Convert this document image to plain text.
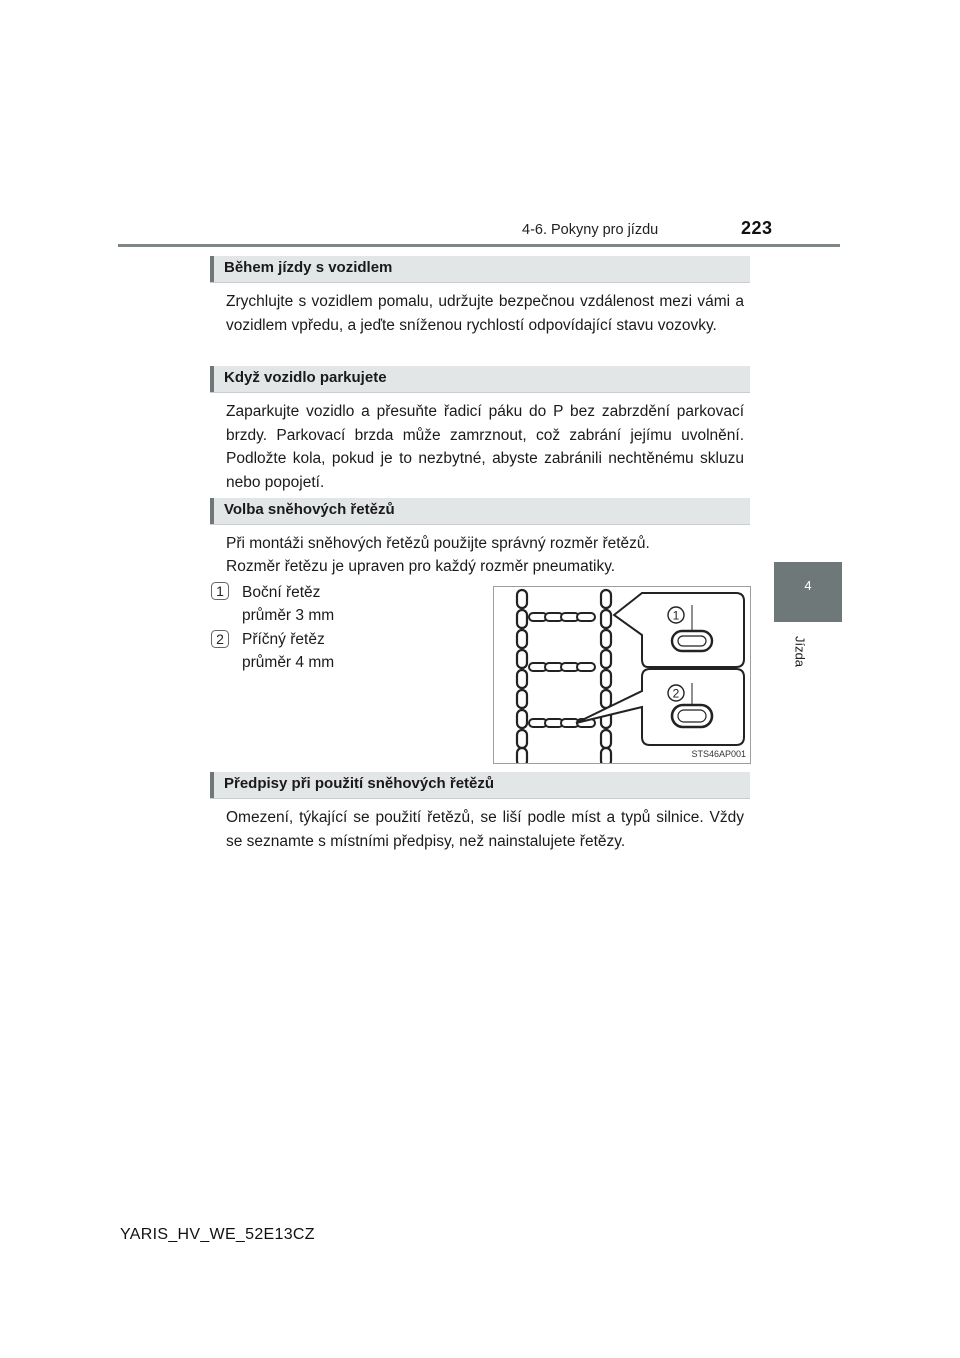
4-6. Pokyny pro jízdu	223
4
Jízda
Během jízdy s vozidlem

Zrychlujte s vozidlem pomalu, udržujte bezpečnou vzdálenost mezi vámi a vozidlem vpředu, a jeďte sníženou rychlostí odpovídající stavu vozovky.

Když vozidlo parkujete

Zaparkujte vozidlo a přesuňte řadicí páku do P bez zabrzdění parkovací brzdy. Parkovací brzda může zamrznout, což zabrání jejímu uvolnění. Podložte kola, pokud je to nezbytné, abyste zabránili nechtěnému skluzu nebo popojetí.

Volba sněhových řetězů
Při montáži sněhových řetězů použijte správný rozměr řetězů.
Rozměr řetězu je upraven pro každý rozměr pneumatiky.
1	Boční řetěz
průměr 3 mm
2	Příčný řetěz
průměr 4 mm
1
2
STS46AP001
Předpisy při použití sněhových řetězů

Omezení, týkající se použití řetězů, se liší podle míst a typů silnice. Vždy se seznamte s místními předpisy, než nainstalujete řetězy.

YARIS_HV_WE_52E13CZ
